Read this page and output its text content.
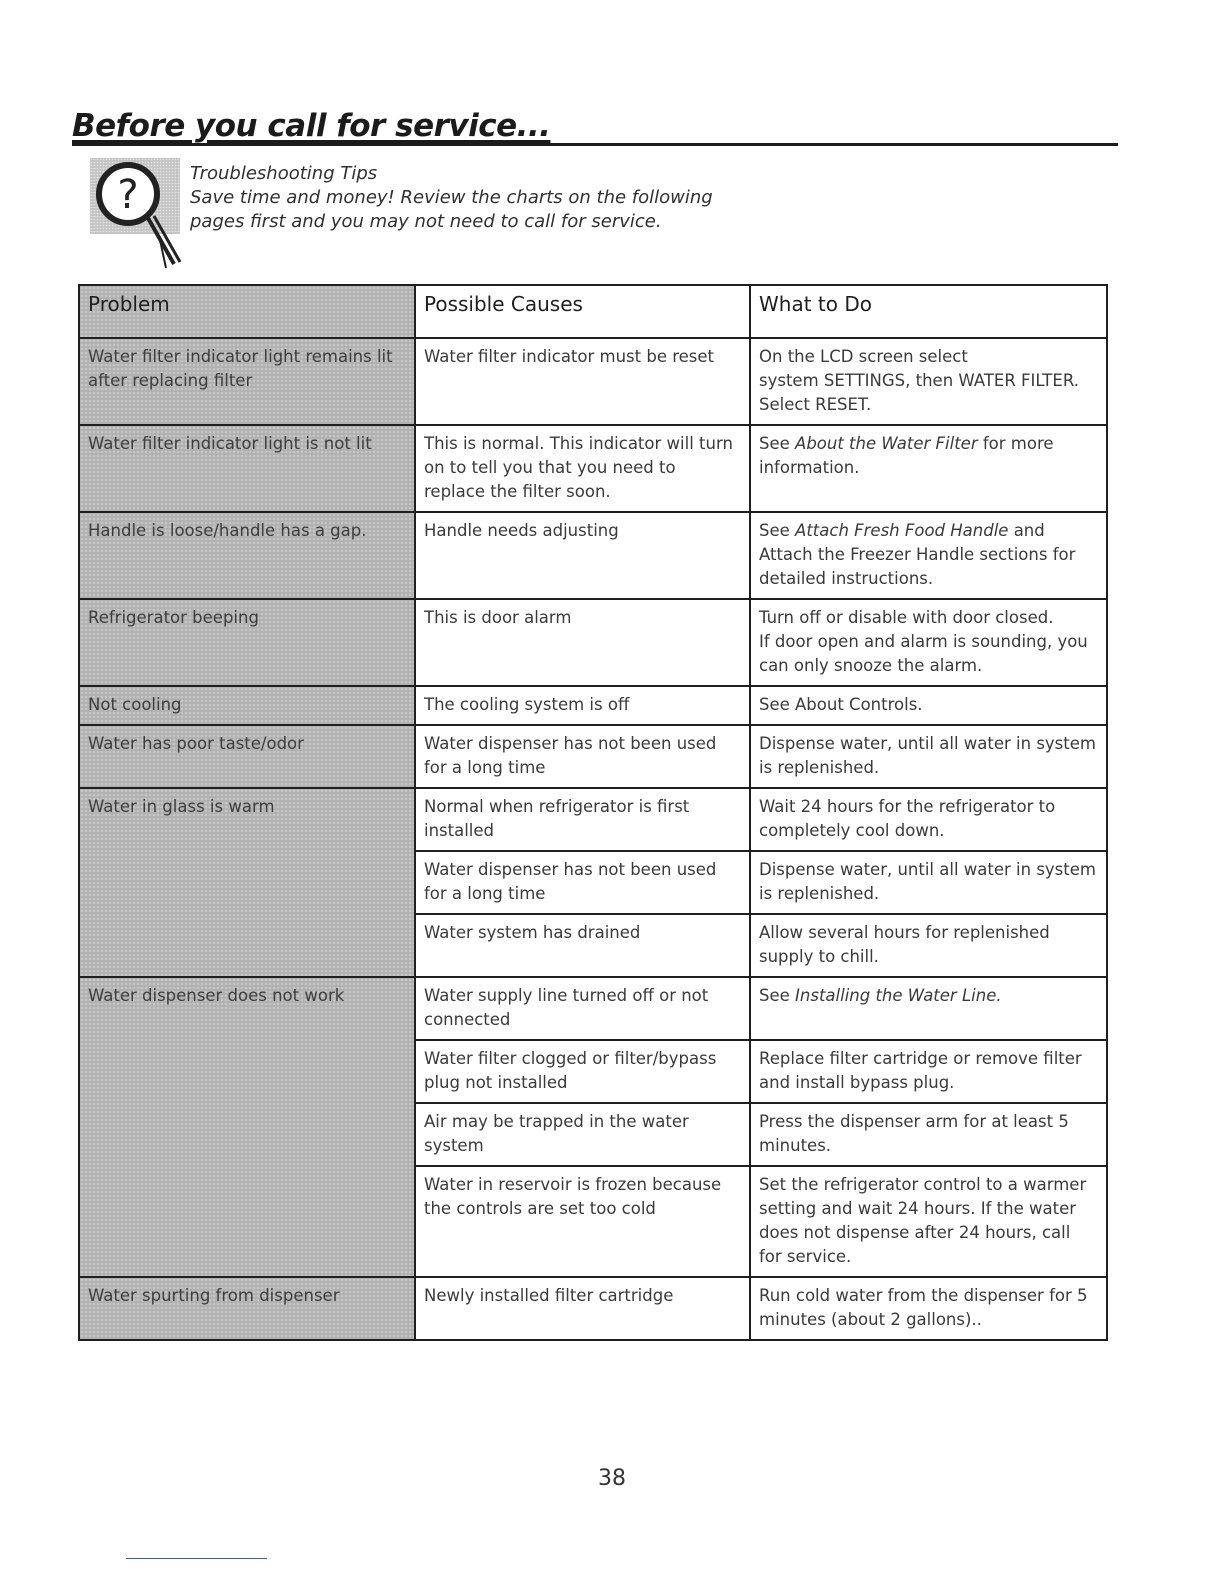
Before you call for service...
?	Troubleshooting Tips
Save time and money! Review the charts on the following
pages first and you may not need to call for service.
Problem	Possible Causes	What to Do
Water filter indicator light remains lit after replacing filter	Water filter indicator must be reset	On the LCD screen select
system SETTINGS, then WATER FILTER.
Select RESET.

Water filter indicator light is not lit	This is normal. This indicator will turn on to tell you that you need to replace the filter soon.	See About the Water Filter for more information.
Handle is loose/handle has a gap.	Handle needs adjusting	See Attach Fresh Food Handle and Attach the Freezer Handle sections for detailed instructions.
Refrigerator beeping	This is door alarm	Turn off or disable with door closed.
If door open and alarm is sounding, you can only snooze the alarm.

Not cooling	The cooling system is off	See About Controls.
Water has poor taste/odor	Water dispenser has not been used for a long time	Dispense water, until all water in system is replenished.
Water in glass is warm	Normal when refrigerator is first installed	Wait 24 hours for the refrigerator to completely cool down.
	Water dispenser has not been used for a long time	Dispense water, until all water in system is replenished.
	Water system has drained	Allow several hours for replenished supply to chill.
Water dispenser does not work	Water supply line turned off or not connected	See Installing the Water Line.
	Water filter clogged or filter/bypass plug not installed	Replace filter cartridge or remove filter and install bypass plug.
	Air may be trapped in the water system	Press the dispenser arm for at least 5 minutes.
	Water in reservoir is frozen because the controls are set too cold	Set the refrigerator control to a warmer setting and wait 24 hours. If the water does not dispense after 24 hours, call for service.
Water spurting from dispenser	Newly installed filter cartridge	Run cold water from the dispenser for 5 minutes (about 2 gallons)..
38
